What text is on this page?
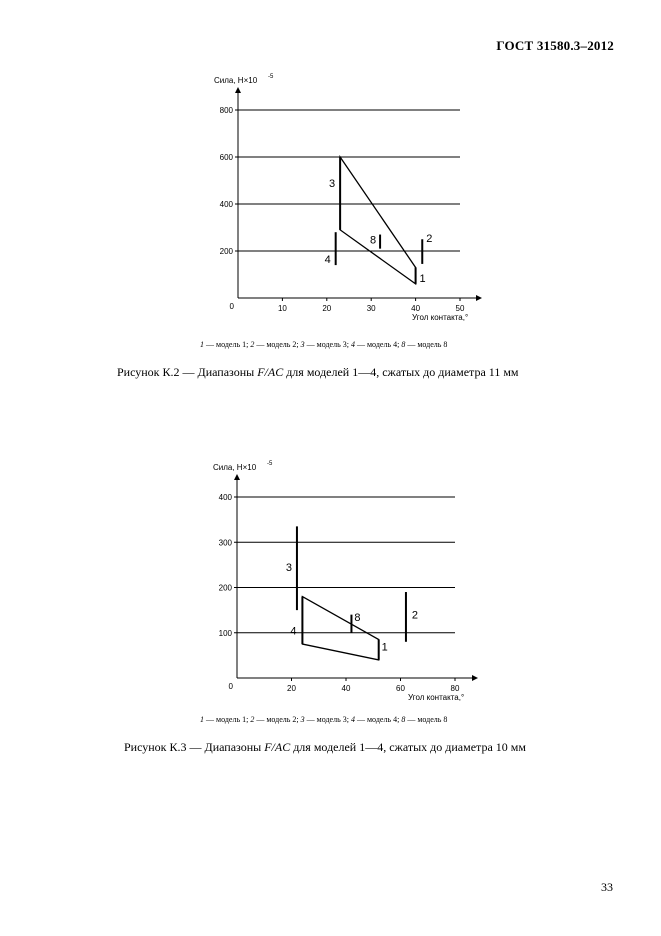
ГОСТ 31580.3–2012
200
400
600
800
10	20	30	40	50
0
Сила, Н×10 -5
Угол контакта,°
3
4
8	2
1
1 — модель 1; 2 — модель 2; 3 — модель 3; 4 — модель 4; 8 — модель 8
Рисунок К.2 — Диапазоны F/AC для моделей 1—4, сжатых до диаметра 11 мм
100
200
300
400
20	40	60	80
0
Сила, Н×10 -5
Угол контакта,°
3
4
8	2
1
1 — модель 1; 2 — модель 2; 3 — модель 3; 4 — модель 4; 8 — модель 8
Рисунок К.3 — Диапазоны F/AC для моделей 1—4, сжатых до диаметра 10 мм
33
